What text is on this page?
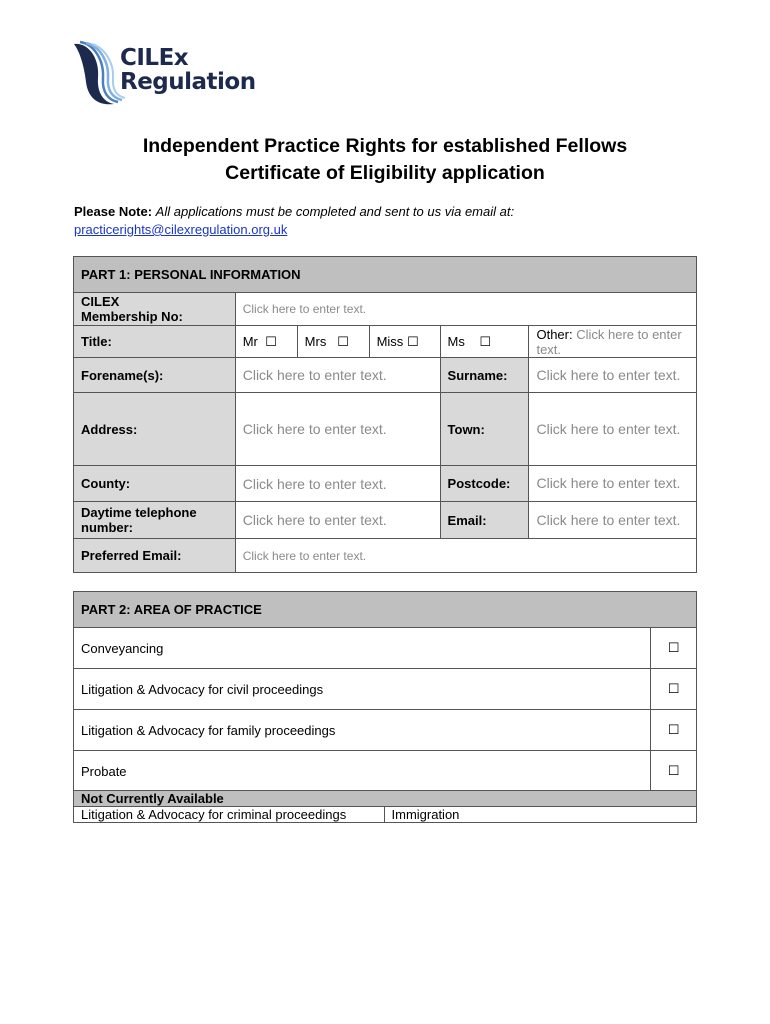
CILEx
Regulation
Independent Practice Rights for established Fellows
Certificate of Eligibility application
Please Note: All applications must be completed and sent to us via email at:
practicerights@cilexregulation.org.uk
PART 1: PERSONAL INFORMATION					
CILEX
Membership No:	Click here to enter text.				
Title:	Mr ☐	Mrs ☐	Miss ☐	Ms ☐	Other: Click here to enter text.
Forename(s):	Click here to enter text.			Surname:	Click here to enter text.
Address:	Click here to enter text.			Town:	Click here to enter text.
County:	Click here to enter text.			Postcode:	Click here to enter text.
Daytime telephone
number:	Click here to enter text.			Email:	Click here to enter text.
Preferred Email:	Click here to enter text.				
PART 2: AREA OF PRACTICE	
Conveyancing	☐
Litigation & Advocacy for civil proceedings	☐
Litigation & Advocacy for family proceedings	☐
Probate	☐
Not Currently Available
Litigation & Advocacy for criminal proceedings	Immigration
